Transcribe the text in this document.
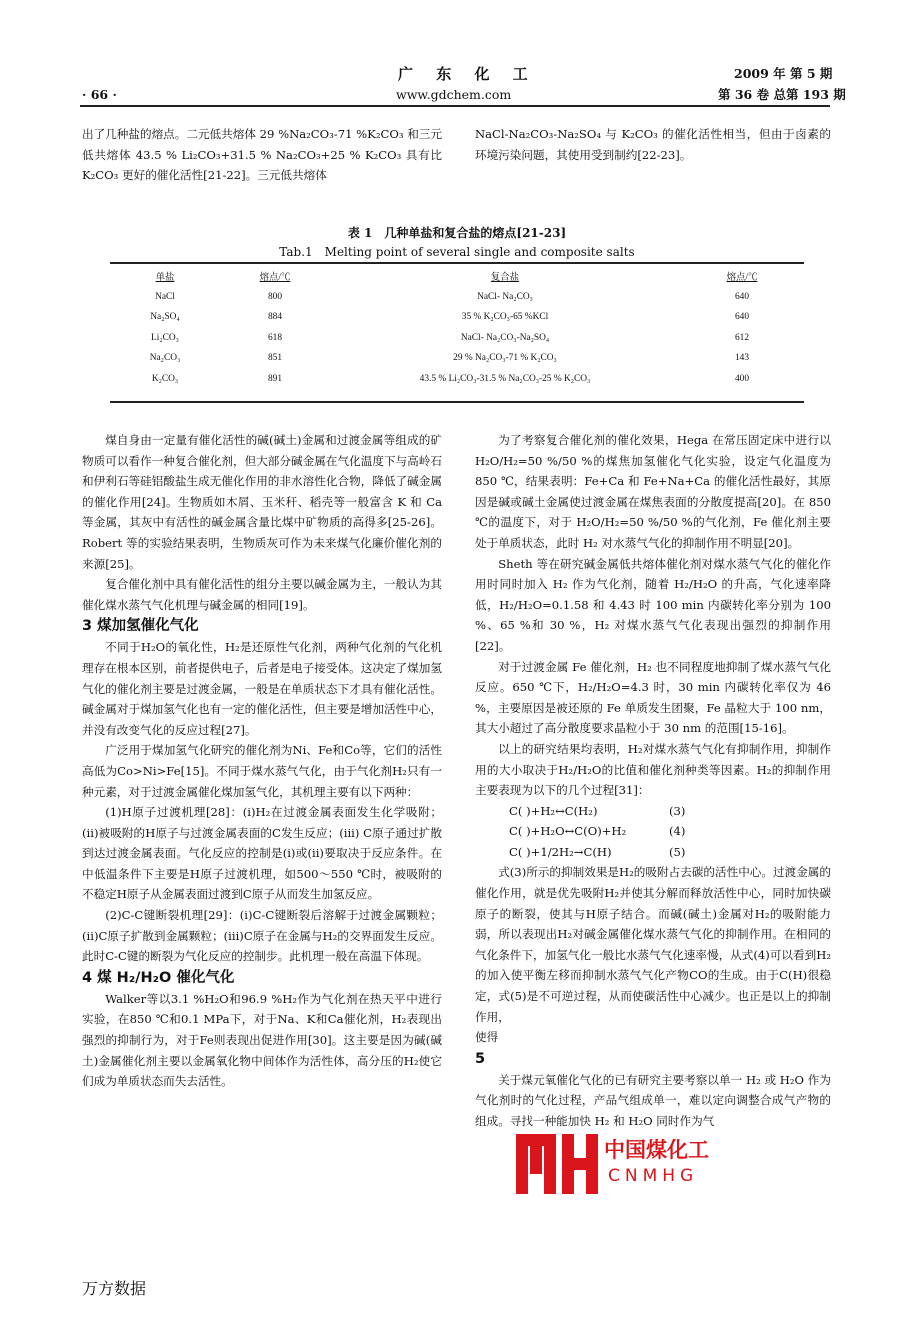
广 东 化 工	2009 年 第 5 期
· 66 ·	www.gdchem.com	第 36 卷 总第 193 期

出了几种盐的熔点。二元低共熔体 29 %Na₂CO₃-71 %K₂CO₃ 和三元低共熔体 43.5 % Li₂CO₃+31.5 % Na₂CO₃+25 % K₂CO₃ 具有比 K₂CO₃ 更好的催化活性[21-22]。三元低共熔体

NaCl-Na₂CO₃-Na₂SO₄ 与 K₂CO₃ 的催化活性相当，但由于卤素的环境污染问题，其使用受到制约[22-23]。

表 1　几种单盐和复合盐的熔点[21-23]
Tab.1　Melting point of several single and composite salts
单盐	熔点/℃	复合盐	熔点/℃
NaCl	800	NaCl- Na₂CO₃	640
Na₂SO₄	884	35 % K₂CO₃-65 %KCl	640
Li₂CO₃	618	NaCl- Na₂CO₃-Na₂SO₄	612
Na₂CO₃	851	29 % Na₂CO₃-71 % K₂CO₃	143
K₂CO₃	891	43.5 % Li₂CO₃-31.5 % Na₂CO₃-25 % K₂CO₃	400

煤自身由一定量有催化活性的碱(碱土)金属和过渡金属等组成的矿物质可以看作一种复合催化剂，但大部分碱金属在气化温度下与高岭石和伊利石等硅铝酸盐生成无催化作用的非水溶性化合物，降低了碱金属的催化作用[24]。生物质如木屑、玉米秆、稻壳等一般富含 K 和 Ca 等金属，其灰中有活性的碱金属含量比煤中矿物质的高得多[25-26]。Robert 等的实验结果表明，生物质灰可作为未来煤气化廉价催化剂的来源[25]。

复合催化剂中具有催化活性的组分主要以碱金属为主，一般认为其催化煤水蒸气气化机理与碱金属的相同[19]。

3 煤加氢催化气化

不同于H₂O的氧化性，H₂是还原性气化剂，两种气化剂的气化机理存在根本区别，前者提供电子，后者是电子接受体。这决定了煤加氢气化的催化剂主要是过渡金属，一般是在单质状态下才具有催化活性。碱金属对于煤加氢气化也有一定的催化活性，但主要是增加活性中心，并没有改变气化的反应过程[27]。

广泛用于煤加氢气化研究的催化剂为Ni、Fe和Co等，它们的活性高低为Co>Ni>Fe[15]。不同于煤水蒸气气化，由于气化剂H₂只有一种元素，对于过渡金属催化煤加氢气化，其机理主要有以下两种：

(1)H原子过渡机理[28]：(i)H₂在过渡金属表面发生化学吸附；(ii)被吸附的H原子与过渡金属表面的C发生反应；(iii) C原子通过扩散到达过渡金属表面。气化反应的控制是(i)或(ii)要取决于反应条件。在中低温条件下主要是H原子过渡机理，如500～550 ℃时，被吸附的不稳定H原子从金属表面过渡到C原子从而发生加氢反应。

(2)C-C键断裂机理[29]：(i)C-C键断裂后溶解于过渡金属颗粒；(ii)C原子扩散到金属颗粒；(iii)C原子在金属与H₂的交界面发生反应。此时C-C键的断裂为气化反应的控制步。此机理一般在高温下体现。

4 煤 H₂/H₂O 催化气化

Walker等以3.1 %H₂O和96.9 %H₂作为气化剂在热天平中进行实验，在850 ℃和0.1 MPa下，对于Na、K和Ca催化剂，H₂表现出强烈的抑制行为，对于Fe则表现出促进作用[30]。这主要是因为碱(碱土)金属催化剂主要以金属氧化物中间体作为活性体，高分压的H₂使它们成为单质状态而失去活性。

为了考察复合催化剂的催化效果，Hega 在常压固定床中进行以 H₂O/H₂=50 %/50 %的煤焦加氢催化气化实验，设定气化温度为 850 ℃，结果表明：Fe+Ca 和 Fe+Na+Ca 的催化活性最好，其原因是碱或碱土金属使过渡金属在煤焦表面的分散度提高[20]。在 850 ℃的温度下，对于 H₂O/H₂=50 %/50 %的气化剂，Fe 催化剂主要处于单质状态，此时 H₂ 对水蒸气气化的抑制作用不明显[20]。

Sheth 等在研究碱金属低共熔体催化剂对煤水蒸气气化的催化作用时同时加入 H₂ 作为气化剂，随着 H₂/H₂O 的升高，气化速率降低，H₂/H₂O=0.1.58 和 4.43 时 100 min 内碳转化率分别为 100 %、65 %和 30 %，H₂ 对煤水蒸气气化表现出强烈的抑制作用[22]。

对于过渡金属 Fe 催化剂，H₂ 也不同程度地抑制了煤水蒸气气化反应。650 ℃下，H₂/H₂O=4.3 时，30 min 内碳转化率仅为 46 %，主要原因是被还原的 Fe 单质发生团聚，Fe 晶粒大于 100 nm，其大小超过了高分散度要求晶粒小于 30 nm 的范围[15-16]。

以上的研究结果均表明，H₂对煤水蒸气气化有抑制作用，抑制作用的大小取决于H₂/H₂O的比值和催化剂种类等因素。H₂的抑制作用主要表现为以下的几个过程[31]：

C( )+H₂↔C(H₂)	(3)
C( )+H₂O↔C(O)+H₂	(4)
C( )+1/2H₂→C(H)	(5)

式(3)所示的抑制效果是H₂的吸附占去碳的活性中心。过渡金属的催化作用，就是优先吸附H₂并使其分解而释放活性中心，同时加快碳原子的断裂，使其与H原子结合。而碱(碱土)金属对H₂的吸附能力弱，所以表现出H₂对碱金属催化煤水蒸气气化的抑制作用。在相同的气化条件下，加氢气化一般比水蒸气气化速率慢，从式(4)可以看到H₂的加入使平衡左移而抑制水蒸气气化产物CO的生成。由于C(H)很稳定，式(5)是不可逆过程，从而使碳活性中心减少。也正是以上的抑制作用，

使得

5

关于煤元氧催化气化的已有研究主要考察以单一 H₂ 或 H₂O 作为气化剂时的气化过程，产品气组成单一，难以定向调整合成气产物的组成。寻找一种能加快 H₂ 和 H₂O 同时作为气

中国煤化工
CNMHG
万方数据
